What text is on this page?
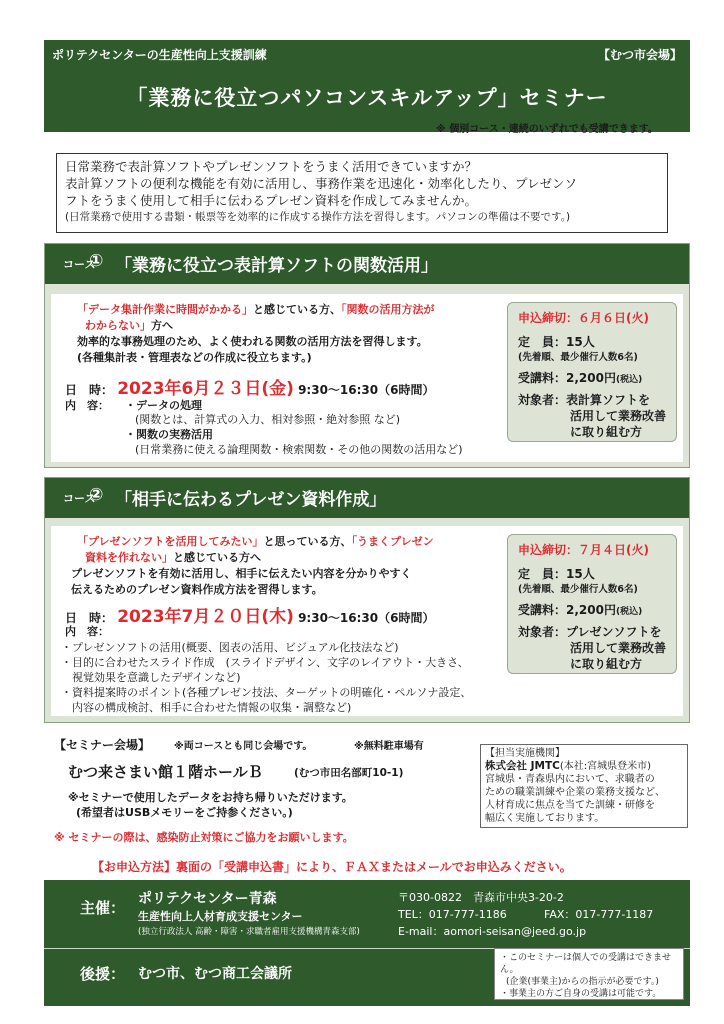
ポリテクセンターの生産性向上支援訓練	【むつ市会場】
「業務に役立つパソコンスキルアップ」セミナー
※ 個別コース・連続のいずれでも受講できます。
日常業務で表計算ソフトやプレゼンソフトをうまく活用できていますか？
表計算ソフトの便利な機能を有効に活用し、事務作業を迅速化・効率化したり、プレゼンソ
フトをうまく使用して相手に伝わるプレゼン資料を作成してみませんか。
(日常業務で使用する書類・帳票等を効率的に作成する操作方法を習得します。パソコンの準備は不要です。)
コース
① 「業務に役立つ表計算ソフトの関数活用」
「データ集計作業に時間がかかる」と感じている方、「関数の活用方法が
わからない」方へ
効率的な事務処理のため、よく使われる関数の活用方法を習得します。
(各種集計表・管理表などの作成に役立ちます。)
日　時： 2023年6月２３日(金) 9:30～16:30（6時間）
内　容： ・データの処理
(関数とは、計算式の入力、相対参照・絶対参照 など)
・関数の実務活用
(日常業務に使える論理関数・検索関数・その他の関数の活用など)
申込締切：６月６日(火)
定　員：15人
(先着順、最少催行人数6名)
受講料：2,200円(税込)
対象者：表計算ソフトを
活用して業務改善
に取り組む方
コース
② 「相手に伝わるプレゼン資料作成」
「プレゼンソフトを活用してみたい」と思っている方、「うまくプレゼン
資料を作れない」と感じている方へ
プレゼンソフトを有効に活用し、相手に伝えたい内容を分かりやすく
伝えるためのプレゼン資料作成方法を習得します。
日　時： 2023年7月２０日(木) 9:30～16:30（6時間）
内　容：
・プレゼンソフトの活用(概要、図表の活用、ビジュアル化技法など)
・目的に合わせたスライド作成　(スライドデザイン、文字のレイアウト・大きさ、
　視覚効果を意識したデザインなど)
・資料提案時のポイント(各種プレゼン技法、ターゲットの明確化・ペルソナ設定、
　内容の構成検討、相手に合わせた情報の収集・調整など)
申込締切：７月４日(火)
定　員：15人
(先着順、最少催行人数6名)
受講料：2,200円(税込)
対象者：プレゼンソフトを
活用して業務改善
に取り組む方
【セミナー会場】 ※両コースとも同じ会場です。	※無料駐車場有
むつ来さまい館１階ホールＢ	(むつ市田名部町10-1)
※セミナーで使用したデータをお持ち帰りいただけます。
(希望者はUSBメモリーをご持参ください。)
※ セミナーの際は、感染防止対策にご協力をお願いします。
【担当実施機関】
株式会社 JMTC(本社:宮城県登米市)
宮城県・青森県内において、求職者の
ための職業訓練や企業の業務支援など、
人材育成に焦点を当てた訓練・研修を
幅広く実施しております。
【お申込方法】裏面の「受講申込書」により、ＦＡＸまたはメールでお申込みください。
主催： ポリテクセンター青森
生産性向上人材育成支援センター
(独立行政法人 高齢・障害・求職者雇用支援機構青森支部)
〒030-0822　青森市中央3-20-2
TEL：017-777-1186	FAX：017-777-1187
E-mail：aomori-seisan@jeed.go.jp
後援： むつ市、むつ商工会議所
・このセミナーは個人での受講はできません。
(企業(事業主)からの指示が必要です。)
・事業主の方ご自身の受講は可能です。
